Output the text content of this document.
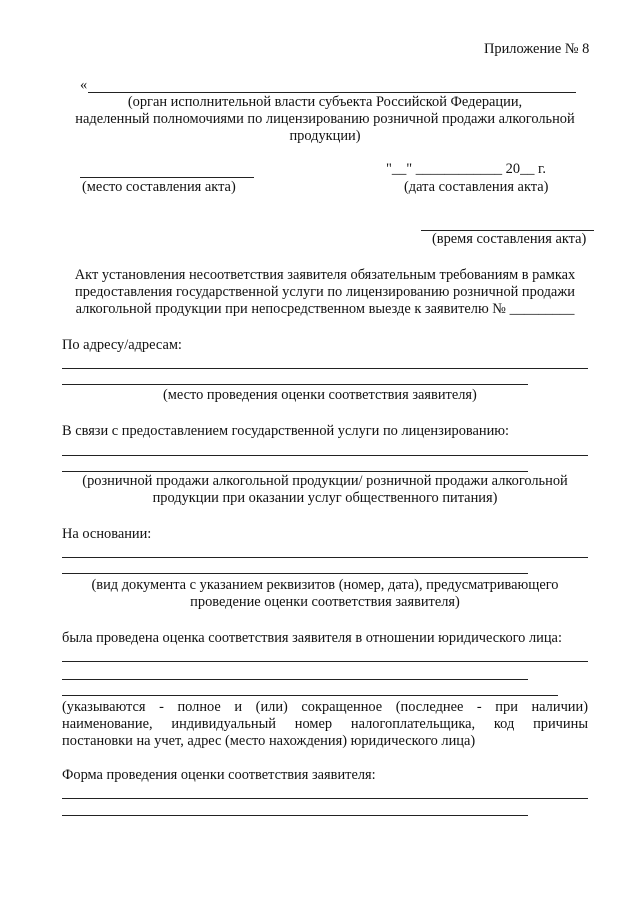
Приложение № 8
«
(орган исполнительной власти субъекта Российской Федерации,
наделенный полномочиями по лицензированию розничной продажи алкогольной
продукции)
"__" ____________ 20__ г.
(место составления акта)	(дата составления акта)
(время составления акта)
Акт установления несоответствия заявителя обязательным требованиям в рамках
предоставления государственной услуги по лицензированию розничной продажи
алкогольной продукции при непосредственном выезде к заявителю № _________
По адресу/адресам:
(место проведения оценки соответствия заявителя)
В связи с предоставлением государственной услуги по лицензированию:
(розничной продажи алкогольной продукции/ розничной продажи алкогольной
продукции при оказании услуг общественного питания)
На основании:
(вид документа с указанием реквизитов (номер, дата), предусматривающего
проведение оценки соответствия заявителя)
была проведена оценка соответствия заявителя в отношении юридического лица:
(указываются - полное и (или) сокращенное (последнее - при наличии)
наименование, индивидуальный номер налогоплательщика, код причины
постановки на учет, адрес (место нахождения) юридического лица)
Форма проведения оценки соответствия заявителя:
